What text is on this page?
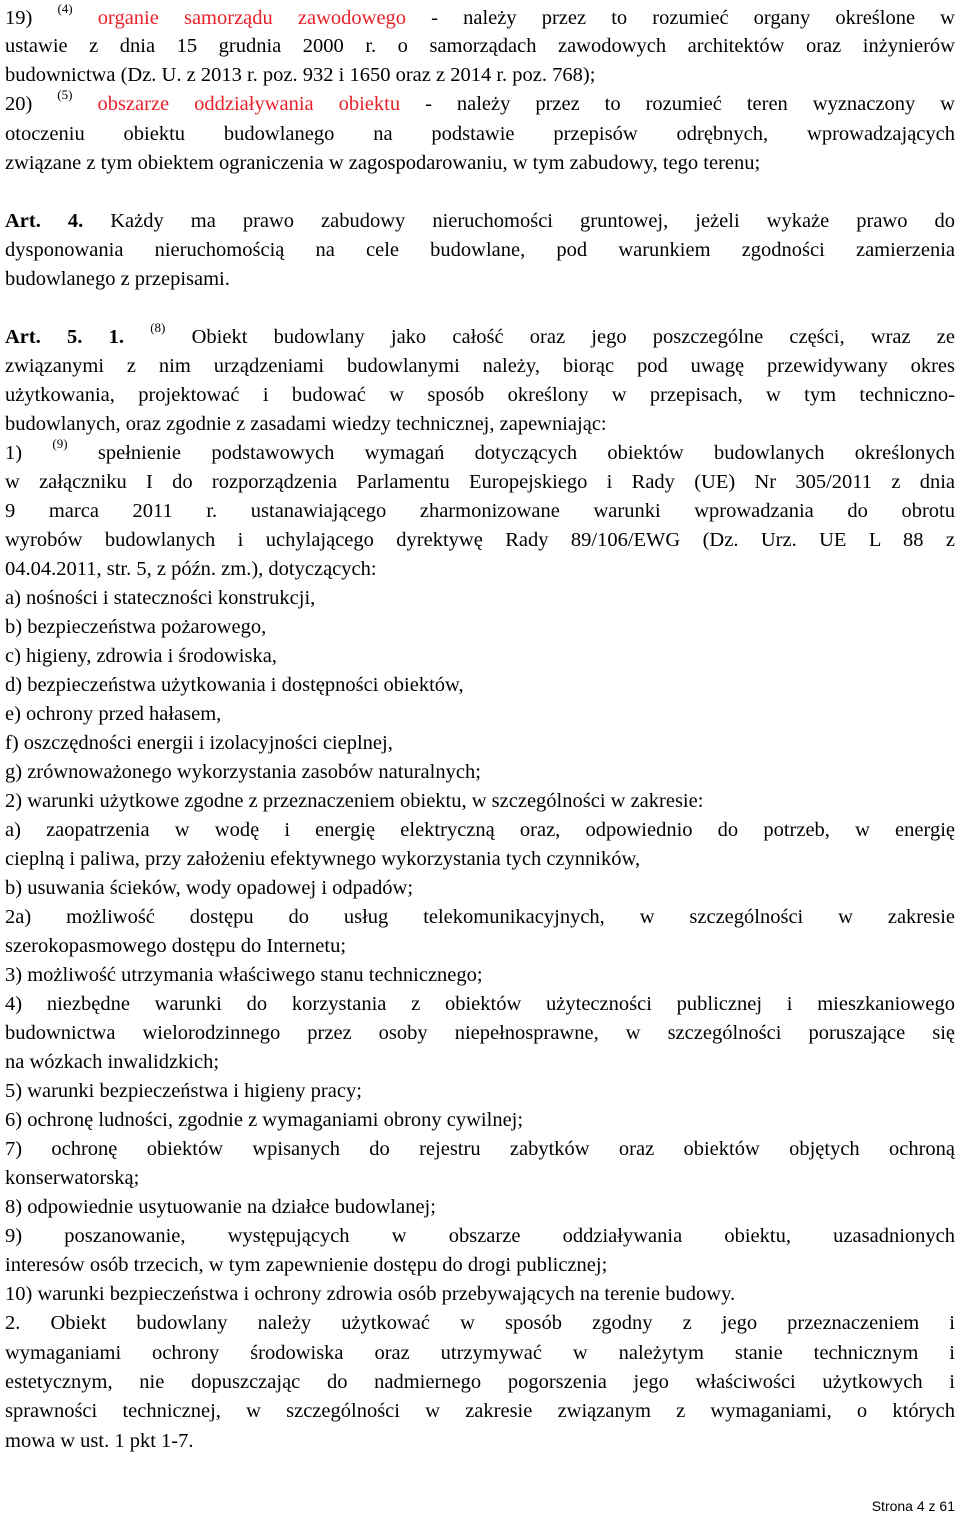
19) $^{(4)}$ organie samorządu zawodowego - należy przez to rozumieć organy określone w
ustawie z dnia 15 grudnia 2000 r. o samorządach zawodowych architektów oraz inżynierów
budownictwa (Dz. U. z 2013 r. poz. 932 i 1650 oraz z 2014 r. poz. 768);
20) $^{(5)}$ obszarze oddziaływania obiektu - należy przez to rozumieć teren wyznaczony w
otoczeniu obiektu budowlanego na podstawie przepisów odrębnych, wprowadzających
związane z tym obiektem ograniczenia w zagospodarowaniu, w tym zabudowy, tego terenu;
Art. 4. Każdy ma prawo zabudowy nieruchomości gruntowej, jeżeli wykaże prawo do
dysponowania nieruchomością na cele budowlane, pod warunkiem zgodności zamierzenia
budowlanego z przepisami.
Art. 5. 1. $^{(8)}$ Obiekt budowlany jako całość oraz jego poszczególne części, wraz ze
związanymi z nim urządzeniami budowlanymi należy, biorąc pod uwagę przewidywany okres
użytkowania, projektować i budować w sposób określony w przepisach, w tym techniczno-
budowlanych, oraz zgodnie z zasadami wiedzy technicznej, zapewniając:
1) $^{(9)}$ spełnienie podstawowych wymagań dotyczących obiektów budowlanych określonych
w załączniku I do rozporządzenia Parlamentu Europejskiego i Rady (UE) Nr 305/2011 z dnia
9 marca 2011 r. ustanawiającego zharmonizowane warunki wprowadzania do obrotu
wyrobów budowlanych i uchylającego dyrektywę Rady 89/106/EWG (Dz. Urz. UE L 88 z
04.04.2011, str. 5, z późn. zm.), dotyczących:
a) nośności i stateczności konstrukcji,
b) bezpieczeństwa pożarowego,
c) higieny, zdrowia i środowiska,
d) bezpieczeństwa użytkowania i dostępności obiektów,
e) ochrony przed hałasem,
f) oszczędności energii i izolacyjności cieplnej,
g) zrównoważonego wykorzystania zasobów naturalnych;
2) warunki użytkowe zgodne z przeznaczeniem obiektu, w szczególności w zakresie:
a) zaopatrzenia w wodę i energię elektryczną oraz, odpowiednio do potrzeb, w energię
cieplną i paliwa, przy założeniu efektywnego wykorzystania tych czynników,
b) usuwania ścieków, wody opadowej i odpadów;
2a) możliwość dostępu do usług telekomunikacyjnych, w szczególności w zakresie
szerokopasmowego dostępu do Internetu;
3) możliwość utrzymania właściwego stanu technicznego;
4) niezbędne warunki do korzystania z obiektów użyteczności publicznej i mieszkaniowego
budownictwa wielorodzinnego przez osoby niepełnosprawne, w szczególności poruszające się
na wózkach inwalidzkich;
5) warunki bezpieczeństwa i higieny pracy;
6) ochronę ludności, zgodnie z wymaganiami obrony cywilnej;
7) ochronę obiektów wpisanych do rejestru zabytków oraz obiektów objętych ochroną
konserwatorską;
8) odpowiednie usytuowanie na działce budowlanej;
9) poszanowanie, występujących w obszarze oddziaływania obiektu, uzasadnionych
interesów osób trzecich, w tym zapewnienie dostępu do drogi publicznej;
10) warunki bezpieczeństwa i ochrony zdrowia osób przebywających na terenie budowy.
2. Obiekt budowlany należy użytkować w sposób zgodny z jego przeznaczeniem i
wymaganiami ochrony środowiska oraz utrzymywać w należytym stanie technicznym i
estetycznym, nie dopuszczając do nadmiernego pogorszenia jego właściwości użytkowych i
sprawności technicznej, w szczególności w zakresie związanym z wymaganiami, o których
mowa w ust. 1 pkt 1-7.
Strona 4 z 61
